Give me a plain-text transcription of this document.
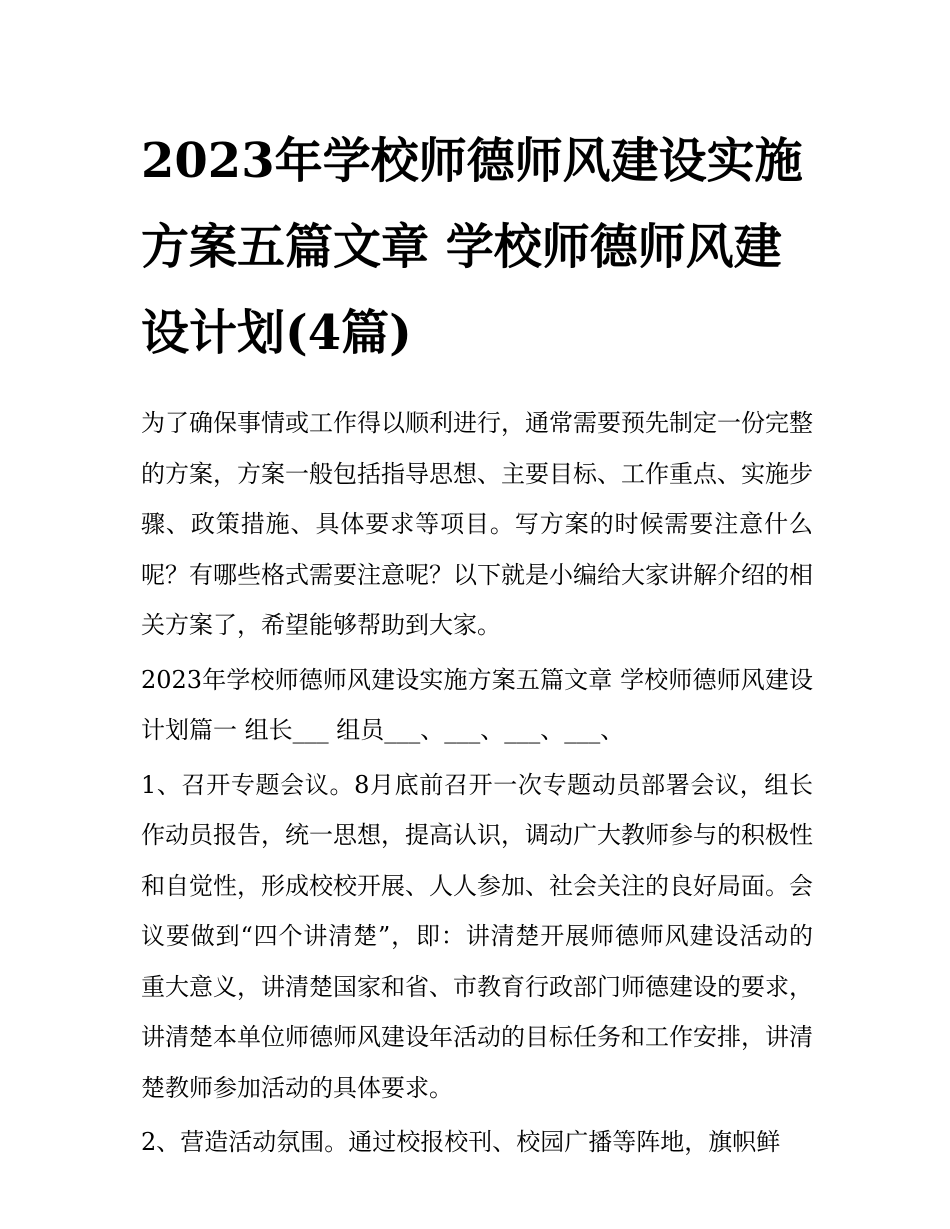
2023年学校师德师风建设实施方案五篇文章 学校师德师风建设计划(4篇)

为了确保事情或工作得以顺利进行，通常需要预先制定一份完整的方案，方案一般包括指导思想、主要目标、工作重点、实施步骤、政策措施、具体要求等项目。写方案的时候需要注意什么呢？有哪些格式需要注意呢？以下就是小编给大家讲解介绍的相关方案了，希望能够帮助到大家。

2023年学校师德师风建设实施方案五篇文章 学校师德师风建设计划篇一 组长___ 组员___、___、___、___、

1、召开专题会议。8月底前召开一次专题动员部署会议，组长作动员报告，统一思想，提高认识，调动广大教师参与的积极性和自觉性，形成校校开展、人人参加、社会关注的良好局面。会议要做到“四个讲清楚”，即：讲清楚开展师德师风建设活动的重大意义，讲清楚国家和省、市教育行政部门师德建设的要求，讲清楚本单位师德师风建设年活动的目标任务和工作安排，讲清楚教师参加活动的具体要求。

2、营造活动氛围。通过校报校刊、校园广播等阵地，旗帜鲜
